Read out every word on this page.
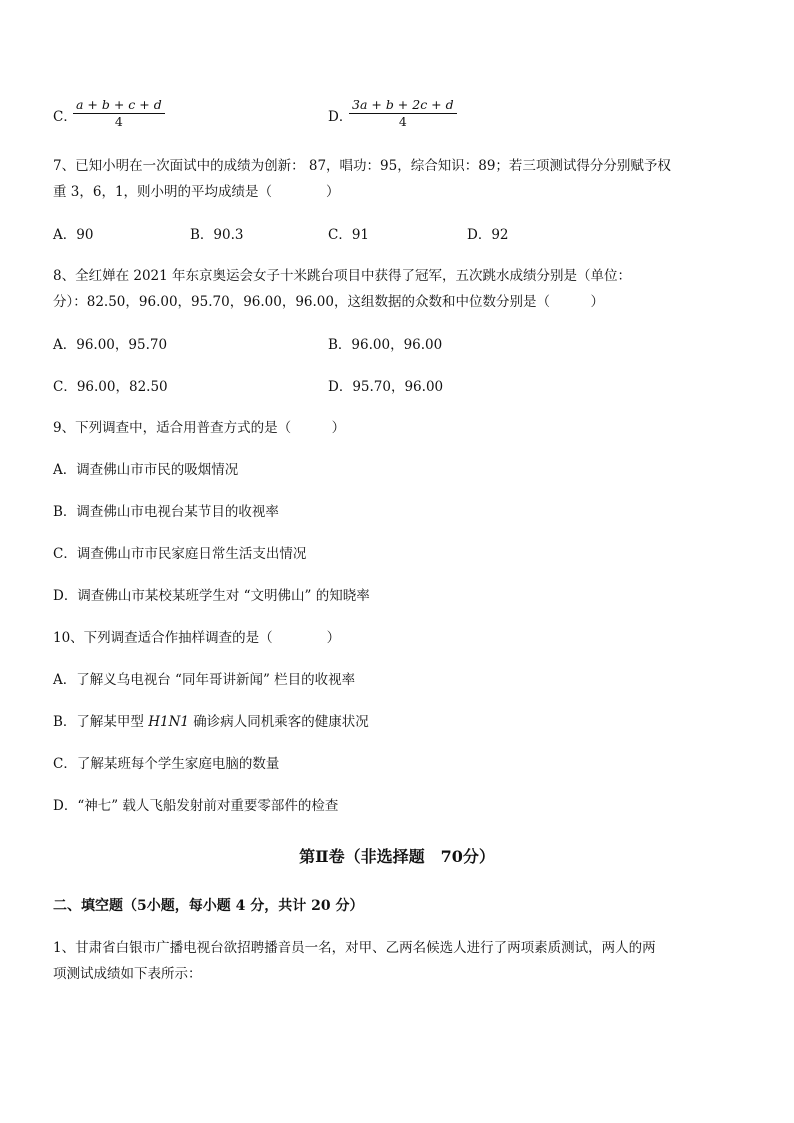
C．
$\frac{a + b + c + d}{4}$	D．
$\frac{3a + b + 2c + d}{4}$
7、已知小明在一次面试中的成绩为创新： 87，唱功：95，综合知识：89；若三项测试得分分别赋予权
重 3，6，1，则小明的平均成绩是（　　　　）
A．90	B．90.3	C．91	D．92
8、全红婵在 2021 年东京奥运会女子十米跳台项目中获得了冠军，五次跳水成绩分别是（单位：
分）：82.50，96.00，95.70，96.00，96.00，这组数据的众数和中位数分别是（　　　）
A．96.00，95.70	B．96.00，96.00
C．96.00，82.50	D．95.70，96.00
9、下列调查中，适合用普查方式的是（　　　）
A．调查佛山市市民的吸烟情况
B．调查佛山市电视台某节目的收视率
C．调查佛山市市民家庭日常生活支出情况
D．调查佛山市某校某班学生对 “文明佛山” 的知晓率
10、下列调查适合作抽样调查的是（　　　　）
A．了解义乌电视台 “同年哥讲新闻” 栏目的收视率
B．了解某甲型 H1N1 确诊病人同机乘客的健康状况
C．了解某班每个学生家庭电脑的数量
D．“神七” 载人飞船发射前对重要零部件的检查
第Ⅱ卷（非选择题　70分）
二、填空题（5小题，每小题 4 分，共计 20 分）
1、甘肃省白银市广播电视台欲招聘播音员一名，对甲、乙两名候选人进行了两项素质测试，两人的两
项测试成绩如下表所示：
